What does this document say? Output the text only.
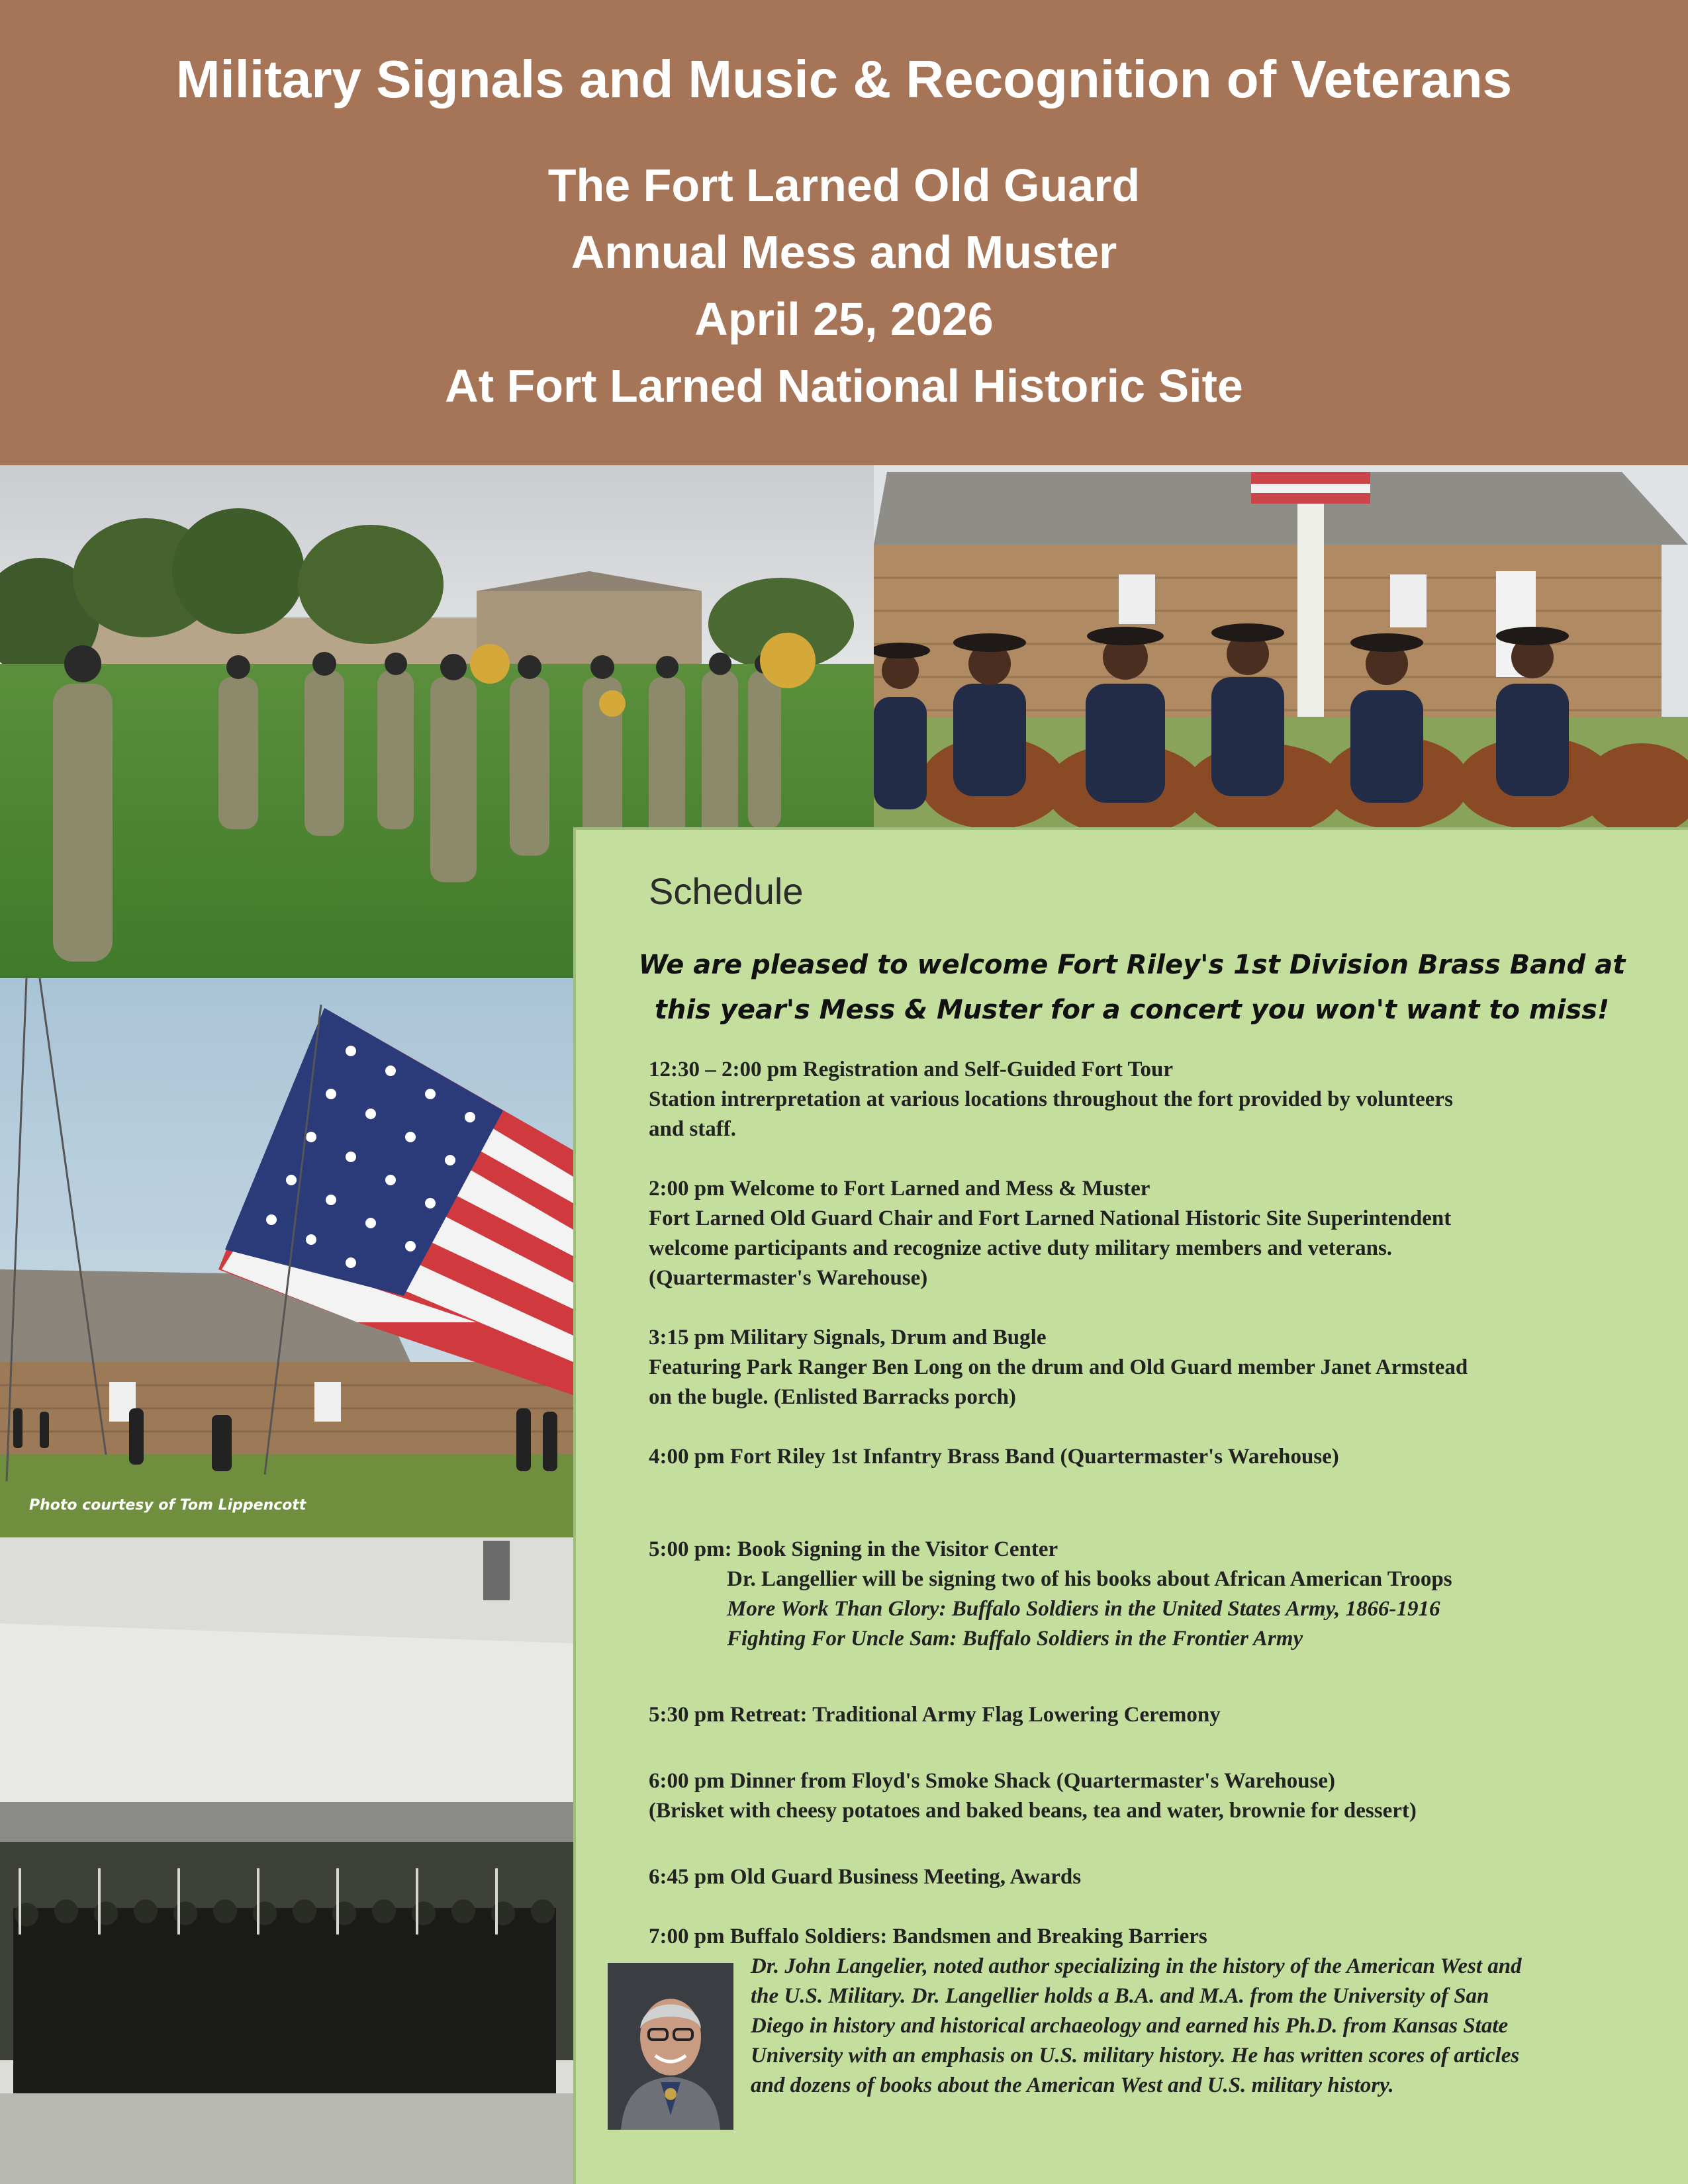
Military Signals and Music & Recognition of Veterans
The Fort Larned Old Guard
Annual Mess and Muster
April 25, 2026
At Fort Larned National Historic Site
Photo courtesy of Tom Lippencott
Schedule
We are pleased to welcome Fort Riley's 1st Division Brass Band at
this year's Mess & Muster for a concert you won't want to miss!
12:30 – 2:00 pm Registration and Self-Guided Fort Tour
Station intrerpretation at various locations throughout the fort provided by volunteers
and staff.
2:00 pm Welcome to Fort Larned and Mess & Muster
Fort Larned Old Guard Chair and Fort Larned National Historic Site Superintendent
welcome participants and recognize active duty military members and veterans.
(Quartermaster's Warehouse)
3:15 pm Military Signals, Drum and Bugle
Featuring Park Ranger Ben Long on the drum and Old Guard member Janet Armstead
on the bugle. (Enlisted Barracks porch)
4:00 pm Fort Riley 1st Infantry Brass Band (Quartermaster's Warehouse)
5:00 pm: Book Signing in the Visitor Center
Dr. Langellier will be signing two of his books about African American Troops
More Work Than Glory: Buffalo Soldiers in the United States Army, 1866-1916
Fighting For Uncle Sam: Buffalo Soldiers in the Frontier Army
5:30 pm Retreat: Traditional Army Flag Lowering Ceremony
6:00 pm Dinner from Floyd's Smoke Shack (Quartermaster's Warehouse)
(Brisket with cheesy potatoes and baked beans, tea and water, brownie for dessert)
6:45 pm Old Guard Business Meeting, Awards
7:00 pm Buffalo Soldiers: Bandsmen and Breaking Barriers
Dr. John Langelier, noted author specializing in the history of the American West and
the U.S. Military. Dr. Langellier holds a B.A. and M.A. from the University of San
Diego in history and historical archaeology and earned his Ph.D. from Kansas State
University with an emphasis on U.S. military history. He has written scores of articles
and dozens of books about the American West and U.S. military history.
